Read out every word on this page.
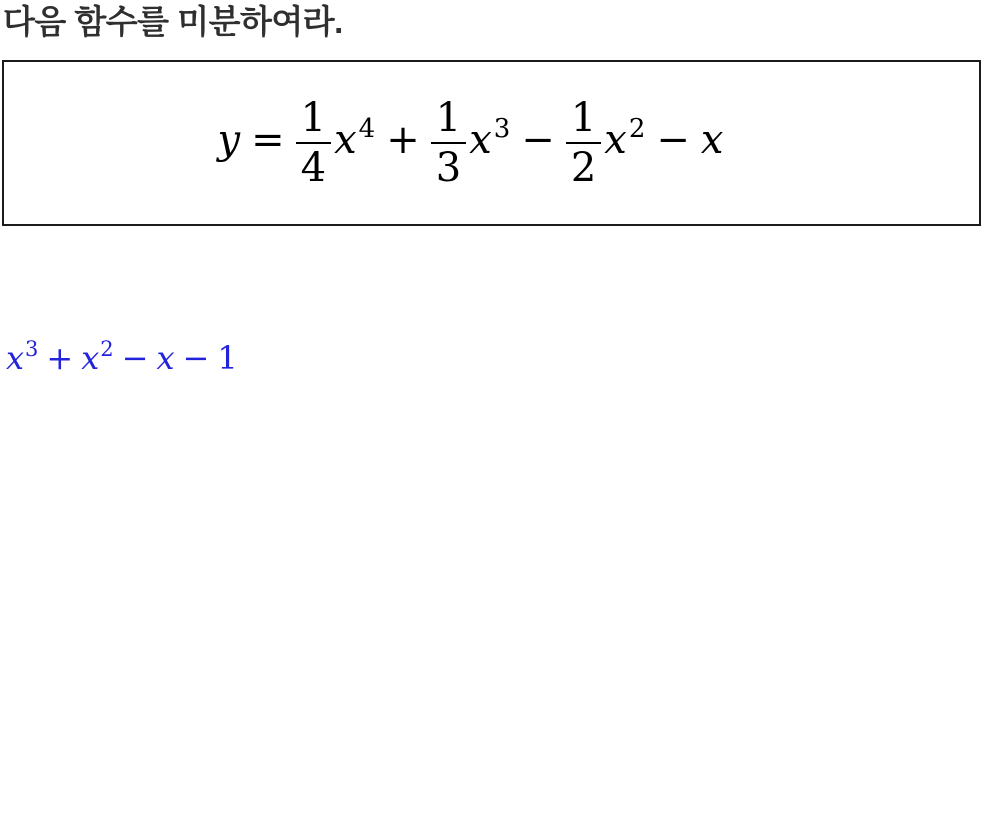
다음 함수를 미분하여라.
$y = \frac{1}{4} x^4 + \frac{1}{3} x^3 - \frac{1}{2} x^2 - x$
$x^3 + x^2 - x - 1$
